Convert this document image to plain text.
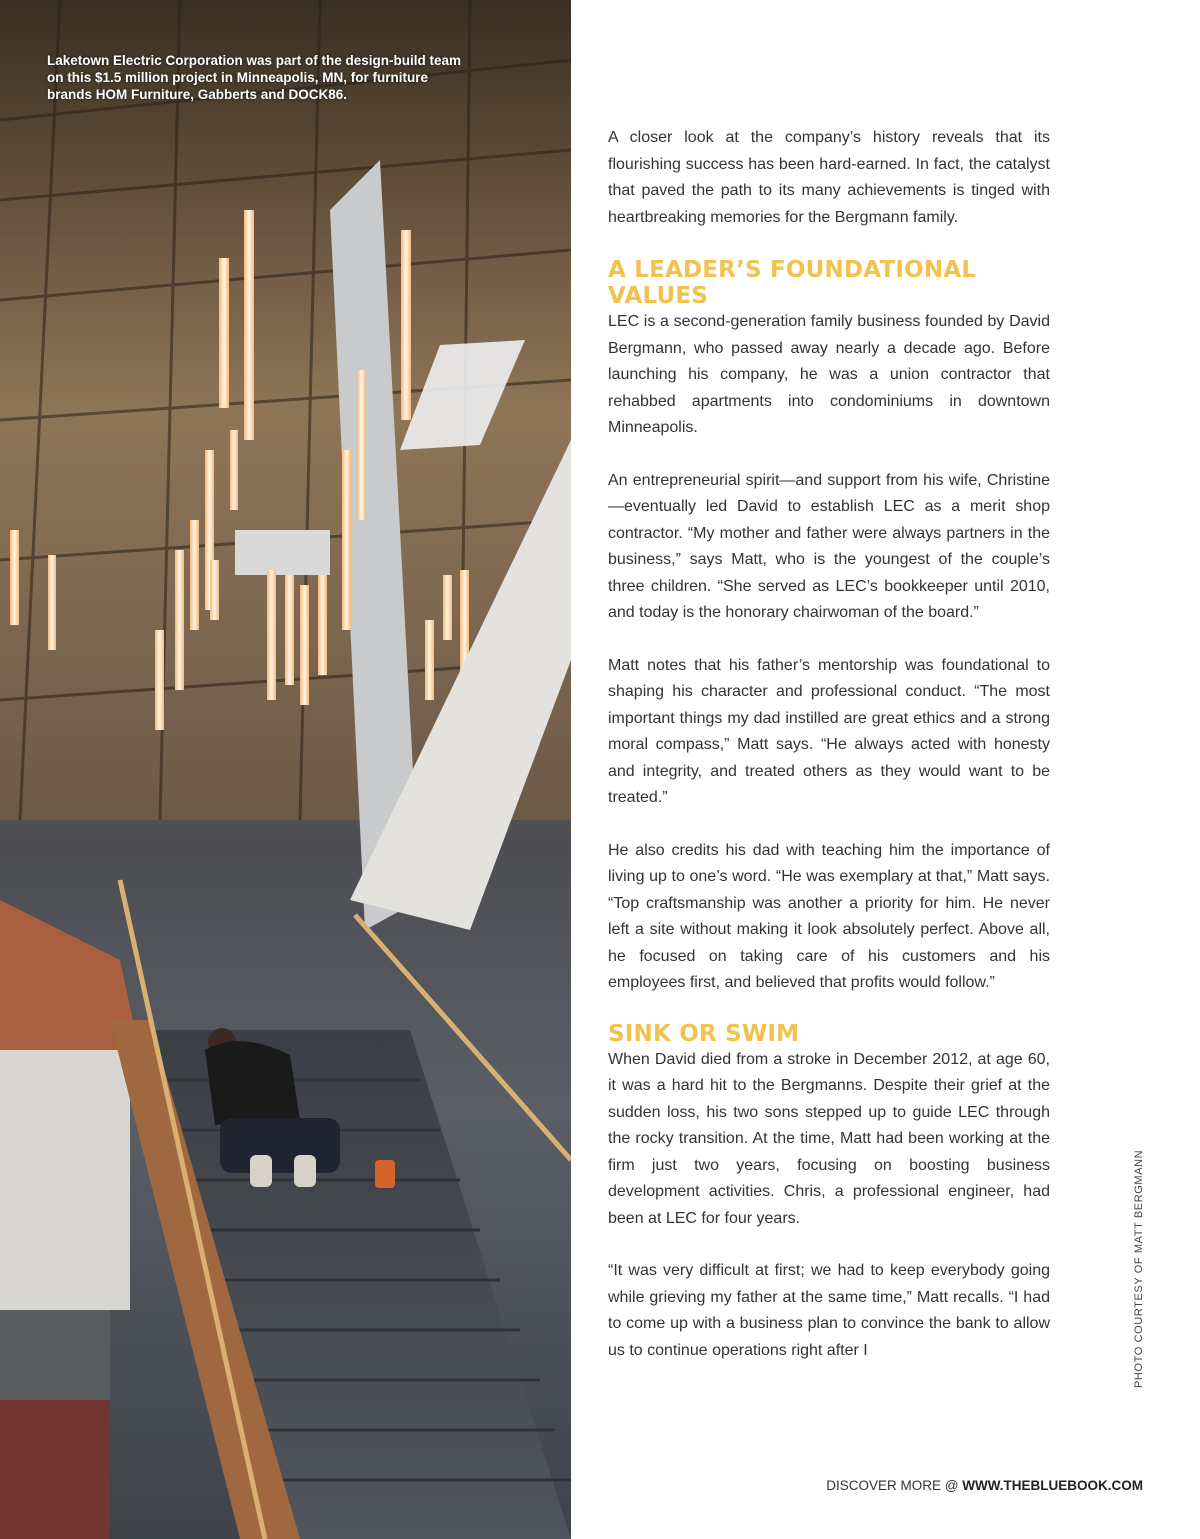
Laketown Electric Corporation was part of the design-build team on this $1.5 million project in Minneapolis, MN, for furniture brands HOM Furniture, Gabberts and DOCK86.

A closer look at the company’s history reveals that its flourishing success has been hard-earned. In fact, the catalyst that paved the path to its many achievements is tinged with heartbreaking memories for the Bergmann family.

A LEADER’S FOUNDATIONAL VALUES

LEC is a second-generation family business founded by David Bergmann, who passed away nearly a decade ago. Before launching his company, he was a union contractor that rehabbed apartments into condominiums in downtown Minneapolis.

An entrepreneurial spirit—and support from his wife, Christine—eventually led David to establish LEC as a merit shop contractor. “My mother and father were always partners in the business,” says Matt, who is the youngest of the couple’s three children. “She served as LEC’s bookkeeper until 2010, and today is the honorary chairwoman of the board.”

Matt notes that his father’s mentorship was foundational to shaping his character and professional conduct. “The most important things my dad instilled are great ethics and a strong moral compass,” Matt says. “He always acted with honesty and integrity, and treated others as they would want to be treated.”

He also credits his dad with teaching him the importance of living up to one’s word. “He was exemplary at that,” Matt says. “Top craftsmanship was another a priority for him. He never left a site without making it look absolutely perfect. Above all, he focused on taking care of his customers and his employees first, and believed that profits would follow.”

SINK OR SWIM

When David died from a stroke in December 2012, at age 60, it was a hard hit to the Bergmanns. Despite their grief at the sudden loss, his two sons stepped up to guide LEC through the rocky transition. At the time, Matt had been working at the firm just two years, focusing on boosting business development activities. Chris, a professional engineer, had been at LEC for four years.

“It was very difficult at first; we had to keep everybody going while grieving my father at the same time,” Matt recalls. “I had to come up with a business plan to convince the bank to allow us to continue operations right after I	PHOTO COURTESY OF MATT BERGMANN
DISCOVER MORE @ WWW.THEBLUEBOOK.COM
